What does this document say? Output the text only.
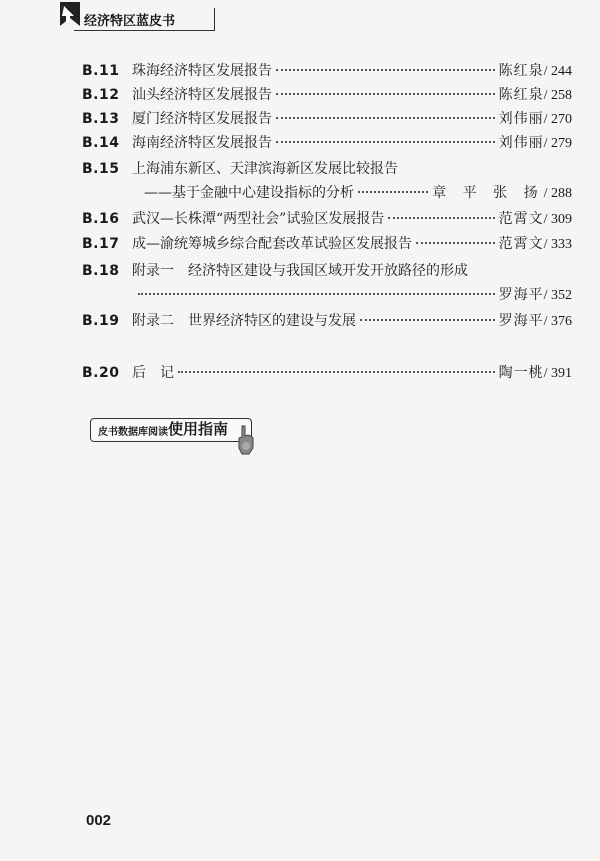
经济特区蓝皮书
B.11 珠海经济特区发展报告	陈红泉 / 244
B.12 汕头经济特区发展报告	陈红泉 / 258
B.13 厦门经济特区发展报告	刘伟丽 / 270
B.14 海南经济特区发展报告	刘伟丽 / 279
B.15 上海浦东新区、天津滨海新区发展比较报告
——基于金融中心建设指标的分析	章 平 张 扬 / 288
B.16 武汉—长株潭“两型社会”试验区发展报告	范霄文 / 309
B.17 成—渝统筹城乡综合配套改革试验区发展报告	范霄文 / 333
B.18 附录一　经济特区建设与我国区域开发开放路径的形成
罗海平 / 352
B.19 附录二　世界经济特区的建设与发展	罗海平 / 376
B.20 后　记	陶一桃 / 391
皮书数据库阅读 使用指南
002
